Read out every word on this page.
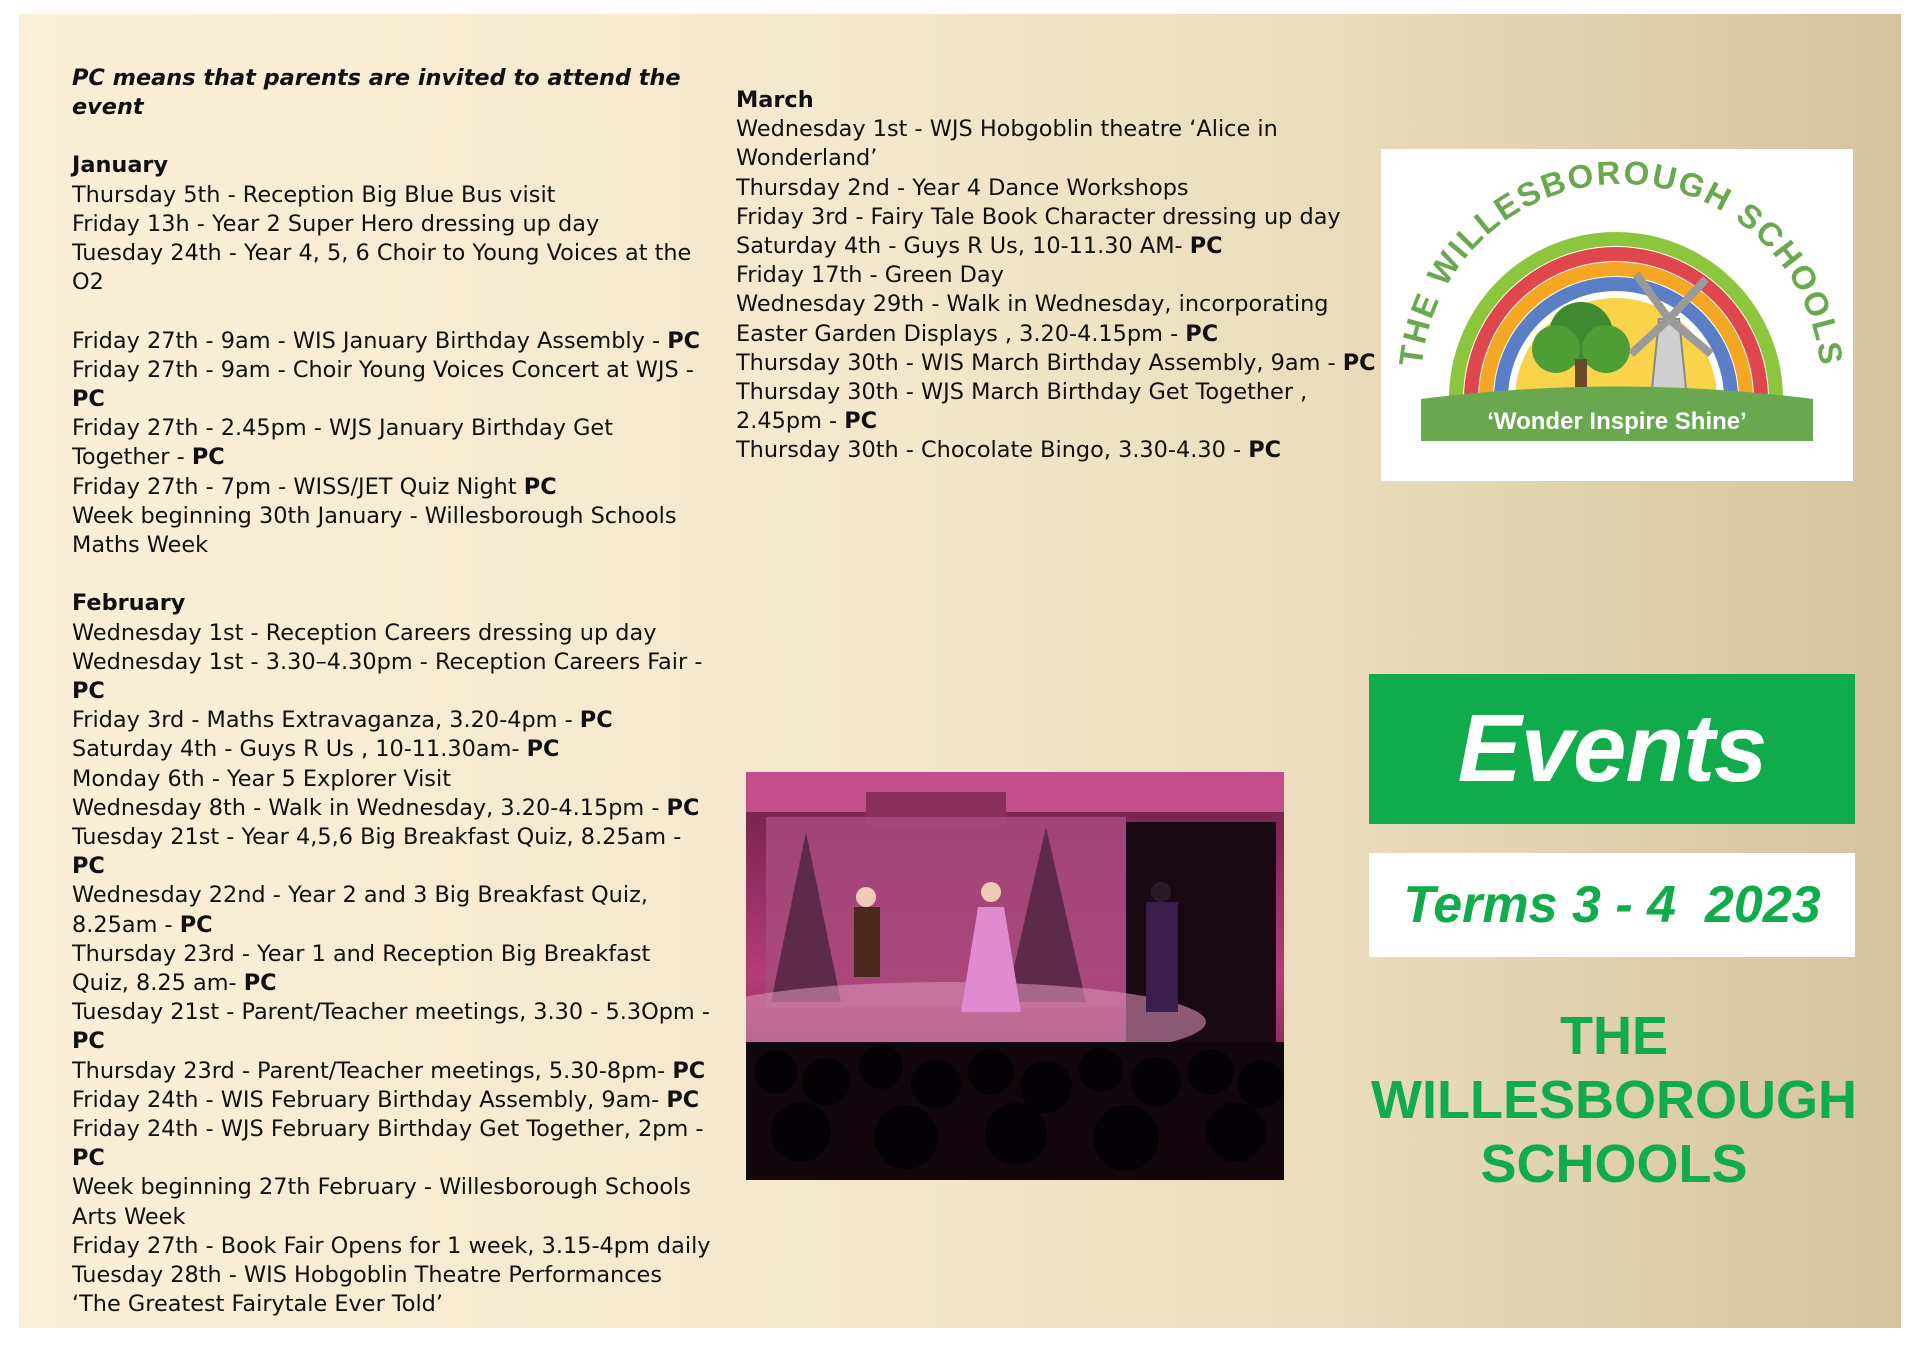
PC means that parents are invited to attend the event

January

Thursday 5th - Reception Big Blue Bus visit
Friday 13h - Year 2 Super Hero dressing up day
Tuesday 24th - Year 4, 5, 6 Choir to Young Voices at the O2
Friday 27th - 9am - WIS January Birthday Assembly - PC
Friday 27th - 9am - Choir Young Voices Concert at WJS - PC
Friday 27th - 2.45pm - WJS January Birthday Get Together - PC
Friday 27th - 7pm - WISS/JET Quiz Night PC
Week beginning 30th January - Willesborough Schools Maths Week

February

Wednesday 1st - Reception Careers dressing up day
Wednesday 1st - 3.30–4.30pm - Reception Careers Fair - PC
Friday 3rd - Maths Extravaganza, 3.20-4pm - PC
Saturday 4th - Guys R Us , 10-11.30am- PC
Monday 6th - Year 5 Explorer Visit
Wednesday 8th - Walk in Wednesday, 3.20-4.15pm - PC
Tuesday 21st - Year 4,5,6 Big Breakfast Quiz, 8.25am - PC
Wednesday 22nd - Year 2 and 3 Big Breakfast Quiz, 8.25am - PC
Thursday 23rd - Year 1 and Reception Big Breakfast Quiz, 8.25 am- PC
Tuesday 21st - Parent/Teacher meetings, 3.30 - 5.3Opm - PC
Thursday 23rd - Parent/Teacher meetings, 5.30-8pm- PC
Friday 24th - WIS February Birthday Assembly, 9am- PC
Friday 24th - WJS February Birthday Get Together, 2pm - PC
Week beginning 27th February - Willesborough Schools Arts Week
Friday 27th - Book Fair Opens for 1 week, 3.15-4pm daily
Tuesday 28th - WIS Hobgoblin Theatre Performances ‘The Greatest Fairytale Ever Told’

March

Wednesday 1st - WJS Hobgoblin theatre ‘Alice in Wonderland’
Thursday 2nd - Year 4 Dance Workshops
Friday 3rd - Fairy Tale Book Character dressing up day
Saturday 4th - Guys R Us, 10-11.30 AM- PC
Friday 17th - Green Day
Wednesday 29th - Walk in Wednesday, incorporating Easter Garden Displays , 3.20-4.15pm - PC
Thursday 30th - WIS March Birthday Assembly, 9am - PC
Thursday 30th - WJS March Birthday Get Together , 2.45pm - PC
Thursday 30th - Chocolate Bingo, 3.30-4.30 - PC
‘Wonder Inspire Shine’
THE WILLESBOROUGH SCHOOLS
Events
Terms 3 - 4  2023
THE
WILLESBOROUGH
SCHOOLS
